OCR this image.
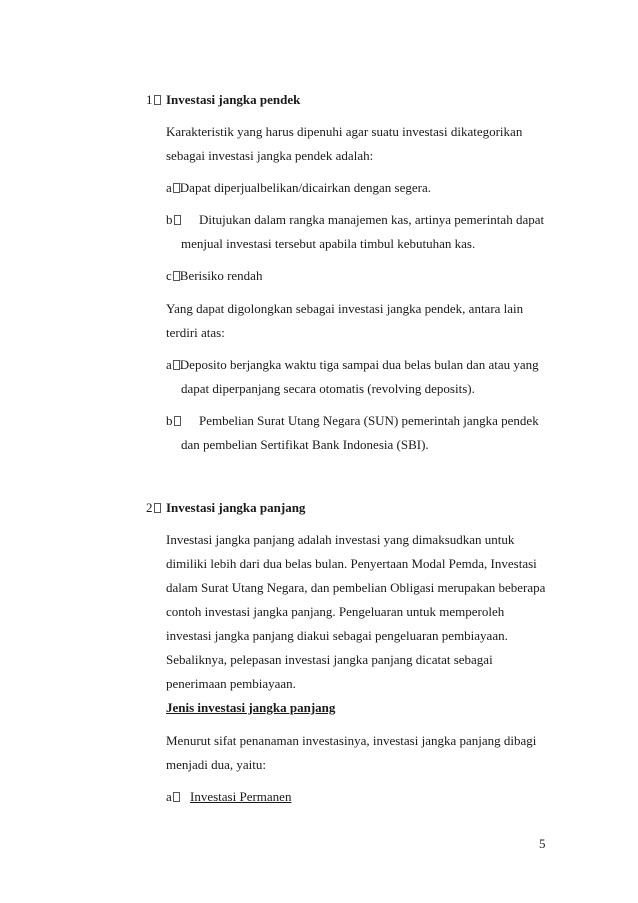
1	Investasi jangka pendek
Karakteristik yang harus dipenuhi agar suatu investasi dikategorikan
sebagai investasi jangka pendek adalah:
a Dapat diperjualbelikan/dicairkan dengan segera.
b	Ditujukan dalam rangka manajemen kas, artinya pemerintah dapat
menjual investasi tersebut apabila timbul kebutuhan kas.
c Berisiko rendah
Yang dapat digolongkan sebagai investasi jangka pendek, antara lain
terdiri atas:
a Deposito berjangka waktu tiga sampai dua belas bulan dan atau yang
dapat diperpanjang secara otomatis (revolving deposits).
b	Pembelian Surat Utang Negara (SUN) pemerintah jangka pendek
dan pembelian Sertifikat Bank Indonesia (SBI).
2	Investasi jangka panjang
Investasi jangka panjang adalah investasi yang dimaksudkan untuk
dimiliki lebih dari dua belas bulan. Penyertaan Modal Pemda, Investasi
dalam Surat Utang Negara, dan pembelian Obligasi merupakan beberapa
contoh investasi jangka panjang. Pengeluaran untuk memperoleh
investasi jangka panjang diakui sebagai pengeluaran pembiayaan.
Sebaliknya, pelepasan investasi jangka panjang dicatat sebagai
penerimaan pembiayaan.
Jenis investasi jangka panjang
Menurut sifat penanaman investasinya, investasi jangka panjang dibagi
menjadi dua, yaitu:
a	Investasi Permanen
5
